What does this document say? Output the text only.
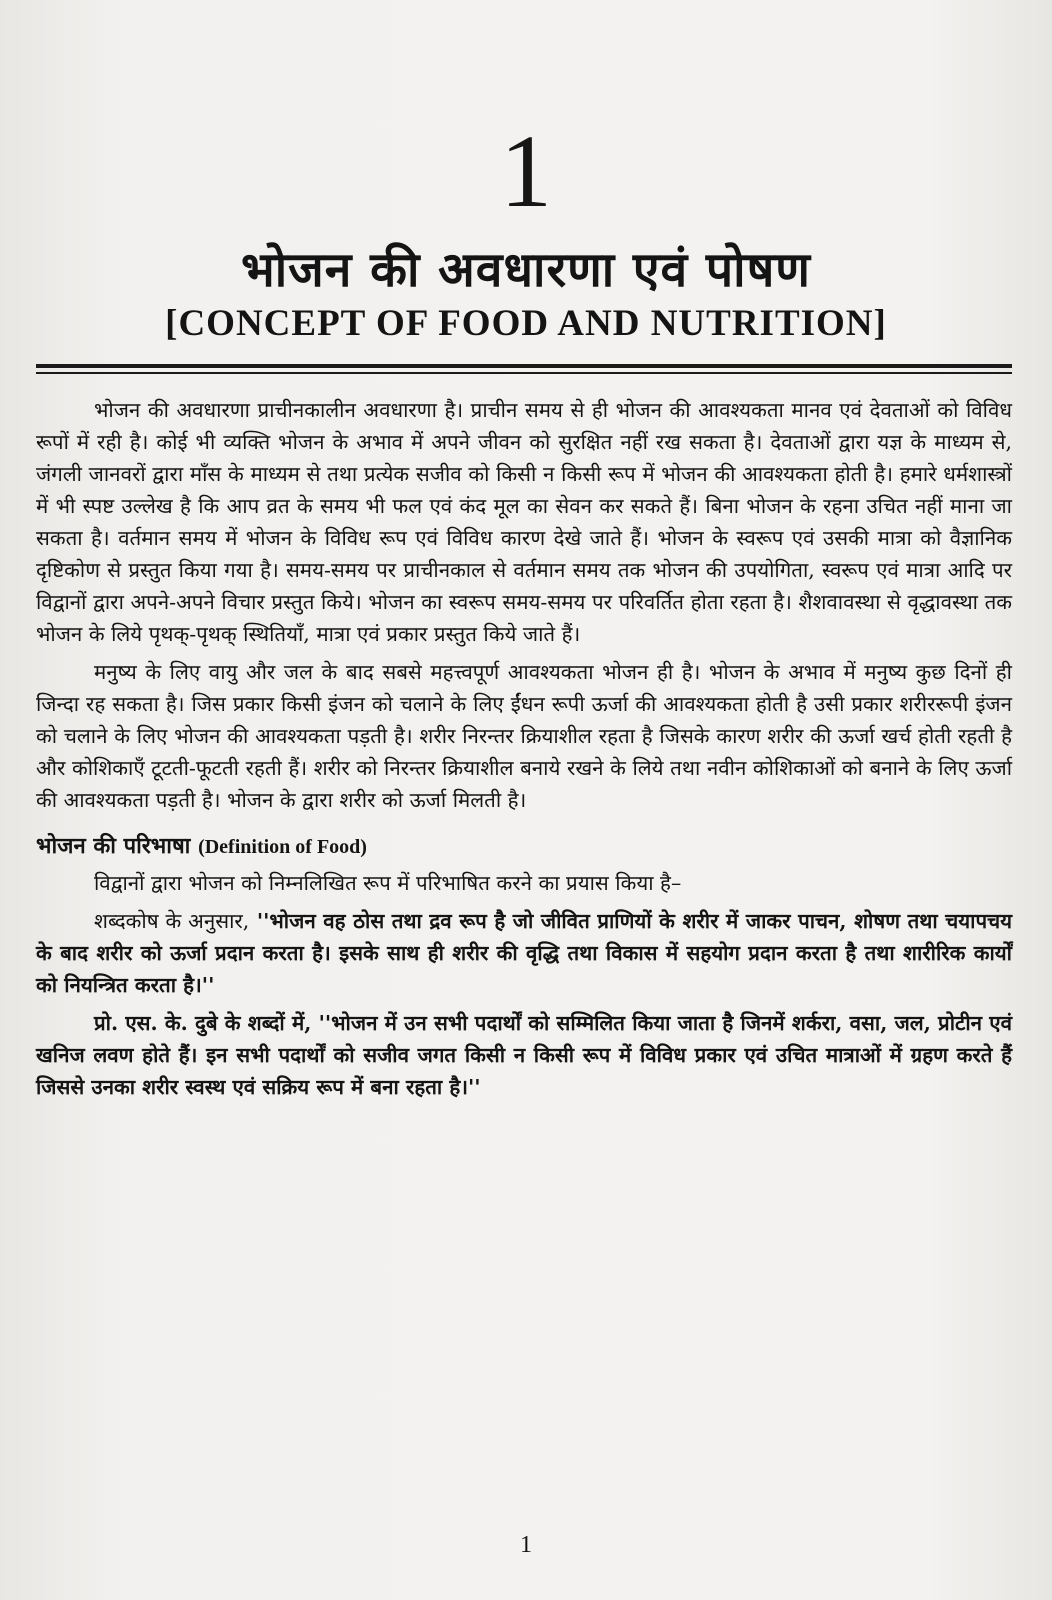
1
भोजन की अवधारणा एवं पोषण
[CONCEPT OF FOOD AND NUTRITION]

भोजन की अवधारणा प्राचीनकालीन अवधारणा है। प्राचीन समय से ही भोजन की आवश्यकता मानव एवं देवताओं को विविध रूपों में रही है। कोई भी व्यक्ति भोजन के अभाव में अपने जीवन को सुरक्षित नहीं रख सकता है। देवताओं द्वारा यज्ञ के माध्यम से, जंगली जानवरों द्वारा माँस के माध्यम से तथा प्रत्येक सजीव को किसी न किसी रूप में भोजन की आवश्यकता होती है। हमारे धर्मशास्त्रों में भी स्पष्ट उल्लेख है कि आप व्रत के समय भी फल एवं कंद मूल का सेवन कर सकते हैं। बिना भोजन के रहना उचित नहीं माना जा सकता है। वर्तमान समय में भोजन के विविध रूप एवं विविध कारण देखे जाते हैं। भोजन के स्वरूप एवं उसकी मात्रा को वैज्ञानिक दृष्टिकोण से प्रस्तुत किया गया है। समय-समय पर प्राचीनकाल से वर्तमान समय तक भोजन की उपयोगिता, स्वरूप एवं मात्रा आदि पर विद्वानों द्वारा अपने-अपने विचार प्रस्तुत किये। भोजन का स्वरूप समय-समय पर परिवर्तित होता रहता है। शैशवावस्था से वृद्धावस्था तक भोजन के लिये पृथक्-पृथक् स्थितियाँ, मात्रा एवं प्रकार प्रस्तुत किये जाते हैं।

मनुष्य के लिए वायु और जल के बाद सबसे महत्त्वपूर्ण आवश्यकता भोजन ही है। भोजन के अभाव में मनुष्य कुछ दिनों ही जिन्दा रह सकता है। जिस प्रकार किसी इंजन को चलाने के लिए ईंधन रूपी ऊर्जा की आवश्यकता होती है उसी प्रकार शरीररूपी इंजन को चलाने के लिए भोजन की आवश्यकता पड़ती है। शरीर निरन्तर क्रियाशील रहता है जिसके कारण शरीर की ऊर्जा खर्च होती रहती है और कोशिकाएँ टूटती-फूटती रहती हैं। शरीर को निरन्तर क्रियाशील बनाये रखने के लिये तथा नवीन कोशिकाओं को बनाने के लिए ऊर्जा की आवश्यकता पड़ती है। भोजन के द्वारा शरीर को ऊर्जा मिलती है।

भोजन की परिभाषा (Definition of Food)

विद्वानों द्वारा भोजन को निम्नलिखित रूप में परिभाषित करने का प्रयास किया है–

शब्दकोष के अनुसार, ''भोजन वह ठोस तथा द्रव रूप है जो जीवित प्राणियों के शरीर में जाकर पाचन, शोषण तथा चयापचय के बाद शरीर को ऊर्जा प्रदान करता है। इसके साथ ही शरीर की वृद्धि तथा विकास में सहयोग प्रदान करता है तथा शारीरिक कार्यों को नियन्त्रित करता है।''

प्रो. एस. के. दुबे के शब्दों में, ''भोजन में उन सभी पदार्थों को सम्मिलित किया जाता है जिनमें शर्करा, वसा, जल, प्रोटीन एवं खनिज लवण होते हैं। इन सभी पदार्थों को सजीव जगत किसी न किसी रूप में विविध प्रकार एवं उचित मात्राओं में ग्रहण करते हैं जिससे उनका शरीर स्वस्थ एवं सक्रिय रूप में बना रहता है।''

1
